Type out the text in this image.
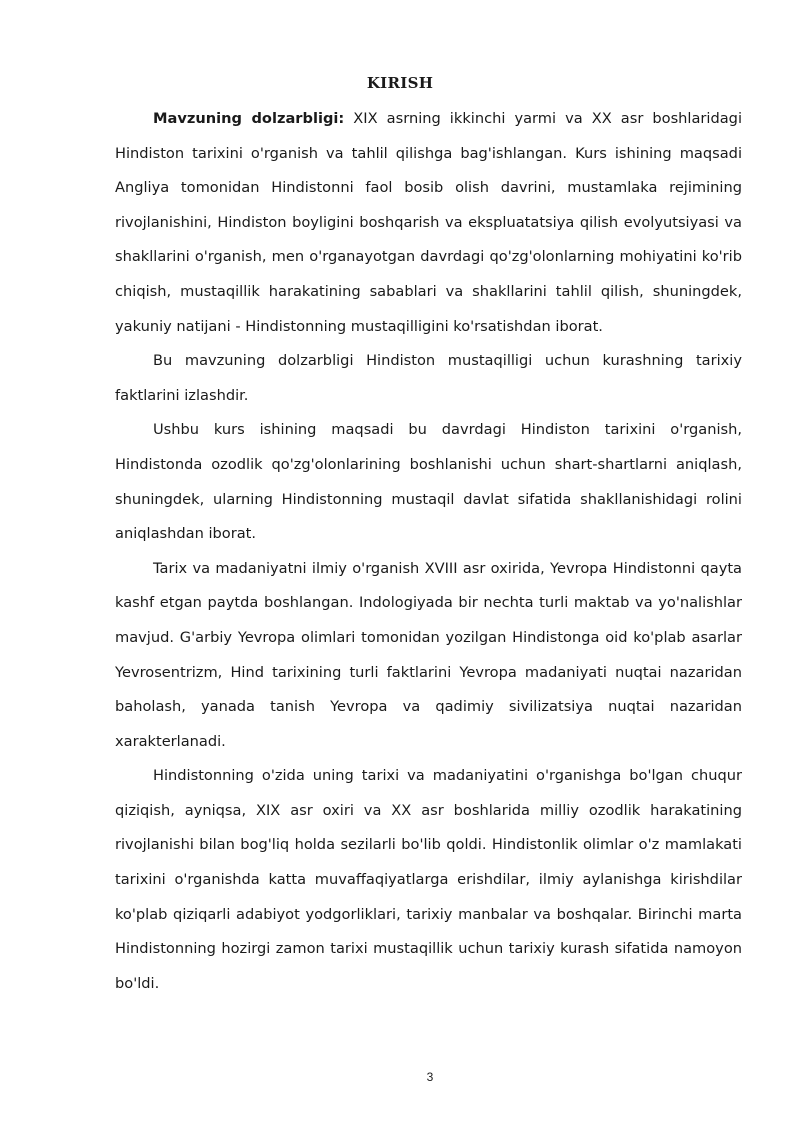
KIRISH

Mavzuning dolzarbligi: XIX asrning ikkinchi yarmi va XX asr boshlaridagi Hindiston tarixini o'rganish va tahlil qilishga bag'ishlangan. Kurs ishining maqsadi Angliya tomonidan Hindistonni faol bosib olish davrini, mustamlaka rejimining rivojlanishini, Hindiston boyligini boshqarish va ekspluatatsiya qilish evolyutsiyasi va shakllarini o'rganish, men o'rganayotgan davrdagi qo'zg'olonlarning mohiyatini ko'rib chiqish, mustaqillik harakatining sabablari va shakllarini tahlil qilish, shuningdek, yakuniy natijani - Hindistonning mustaqilligini ko'rsatishdan iborat.

Bu mavzuning dolzarbligi Hindiston mustaqilligi uchun kurashning tarixiy faktlarini izlashdir.

Ushbu kurs ishining maqsadi bu davrdagi Hindiston tarixini o'rganish, Hindistonda ozodlik qo'zg'olonlarining boshlanishi uchun shart-shartlarni aniqlash, shuningdek, ularning Hindistonning mustaqil davlat sifatida shakllanishidagi rolini aniqlashdan iborat.

Tarix va madaniyatni ilmiy o'rganish XVIII asr oxirida, Yevropa Hindistonni qayta kashf etgan paytda boshlangan. Indologiyada bir nechta turli maktab va yo'nalishlar mavjud. G'arbiy Yevropa olimlari tomonidan yozilgan Hindistonga oid ko'plab asarlar Yevrosentrizm, Hind tarixining turli faktlarini Yevropa madaniyati nuqtai nazaridan baholash, yanada tanish Yevropa va qadimiy sivilizatsiya nuqtai nazaridan xarakterlanadi.

Hindistonning o'zida uning tarixi va madaniyatini o'rganishga bo'lgan chuqur qiziqish, ayniqsa, XIX asr oxiri va XX asr boshlarida milliy ozodlik harakatining rivojlanishi bilan bog'liq holda sezilarli bo'lib qoldi. Hindistonlik olimlar o'z mamlakati tarixini o'rganishda katta muvaffaqiyatlarga erishdilar, ilmiy aylanishga kirishdilar ko'plab qiziqarli adabiyot yodgorliklari, tarixiy manbalar va boshqalar. Birinchi marta Hindistonning hozirgi zamon tarixi mustaqillik uchun tarixiy kurash sifatida namoyon bo'ldi.

3
